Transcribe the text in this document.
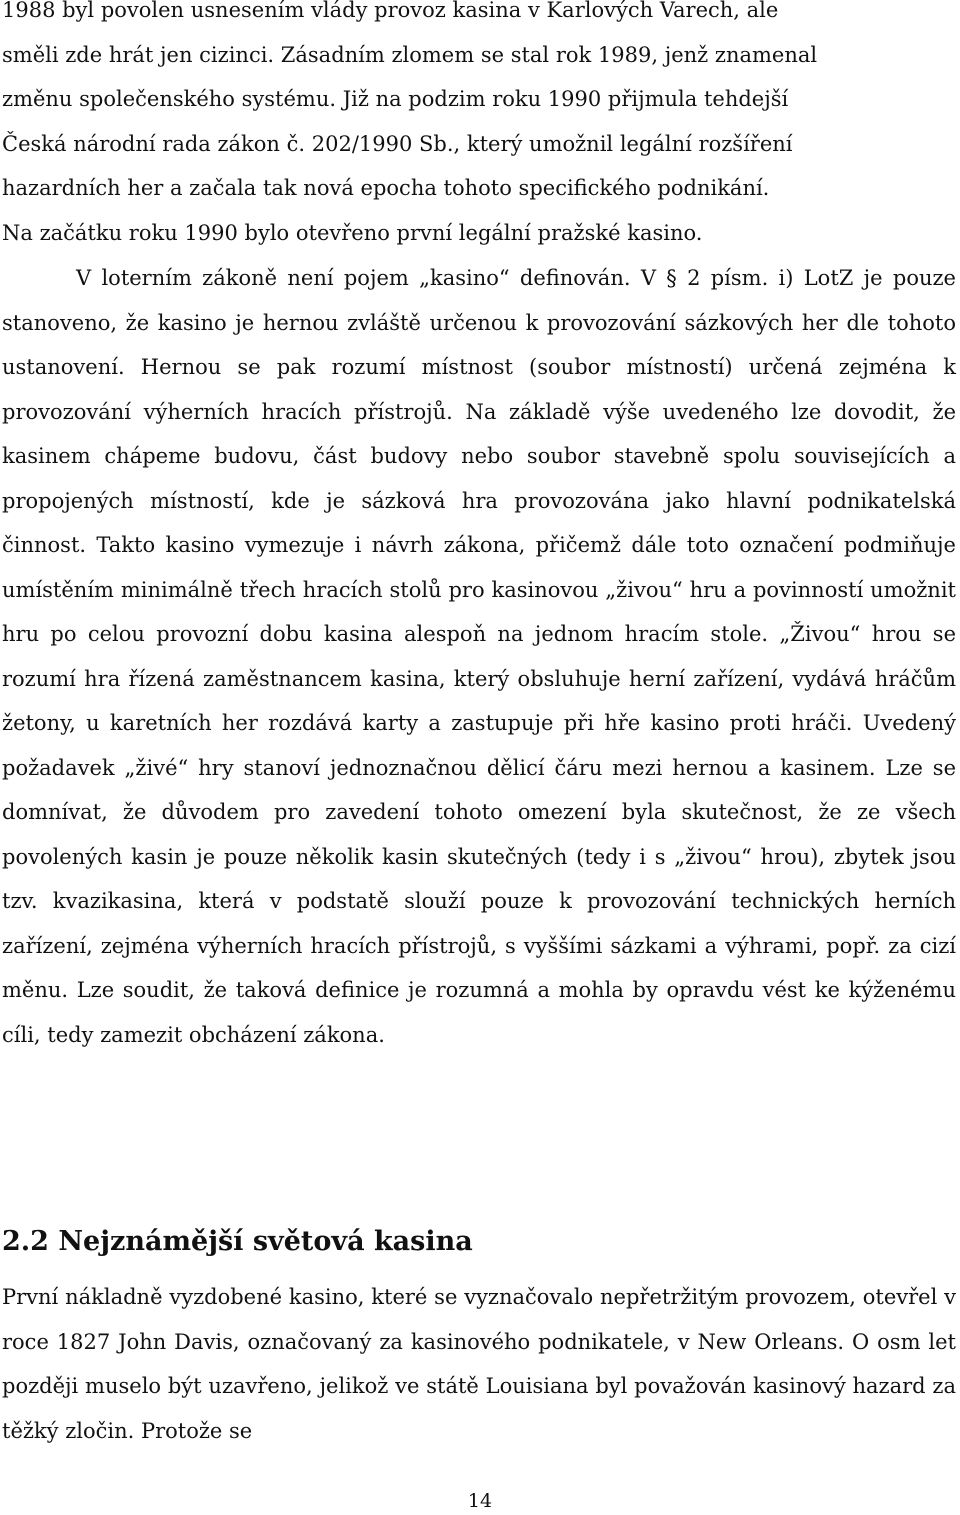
1988 byl povolen usnesením vlády provoz kasina v Karlových Varech, ale
směli zde hrát jen cizinci. Zásadním zlomem se stal rok 1989, jenž znamenal
změnu společenského systému. Již na podzim roku 1990 přijmula tehdejší
Česká národní rada zákon č. 202/1990 Sb., který umožnil legální rozšíření
hazardních her a začala tak nová epocha tohoto specifického podnikání.
Na začátku roku 1990 bylo otevřeno první legální pražské kasino.
V loterním zákoně není pojem „kasino“ definován. V § 2 písm. i) LotZ je pouze stanoveno, že kasino je hernou zvláště určenou k provozování sázkových her dle tohoto ustanovení. Hernou se pak rozumí místnost (soubor místností) určená zejména k provozování výherních hracích přístrojů. Na základě výše uvedeného lze dovodit, že kasinem chápeme budovu, část budovy nebo soubor stavebně spolu souvisejících a propojených místností, kde je sázková hra provozována jako hlavní podnikatelská činnost. Takto kasino vymezuje i návrh zákona, přičemž dále toto označení podmiňuje umístěním minimálně třech hracích stolů pro kasinovou „živou“ hru a povinností umožnit hru po celou provozní dobu kasina alespoň na jednom hracím stole. „Živou“ hrou se rozumí hra řízená zaměstnancem kasina, který obsluhuje herní zařízení, vydává hráčům žetony, u karetních her rozdává karty a zastupuje při hře kasino proti hráči. Uvedený požadavek „živé“ hry stanoví jednoznačnou dělicí čáru mezi hernou a kasinem. Lze se domnívat, že důvodem pro zavedení tohoto omezení byla skutečnost, že ze všech povolených kasin je pouze několik kasin skutečných (tedy i s „živou“ hrou), zbytek jsou tzv. kvazikasina, která v podstatě slouží pouze k provozování technických herních zařízení, zejména výherních hracích přístrojů, s vyššími sázkami a výhrami, popř. za cizí měnu. Lze soudit, že taková definice je rozumná a mohla by opravdu vést ke kýženému cíli, tedy zamezit obcházení zákona.
2.2 Nejznámější světová kasina
První nákladně vyzdobené kasino, které se vyznačovalo nepřetržitým provozem, otevřel v roce 1827 John Davis, označovaný za kasinového podnikatele, v New Orleans. O osm let později muselo být uzavřeno, jelikož ve státě Louisiana byl považován kasinový hazard za těžký zločin. Protože se
14
